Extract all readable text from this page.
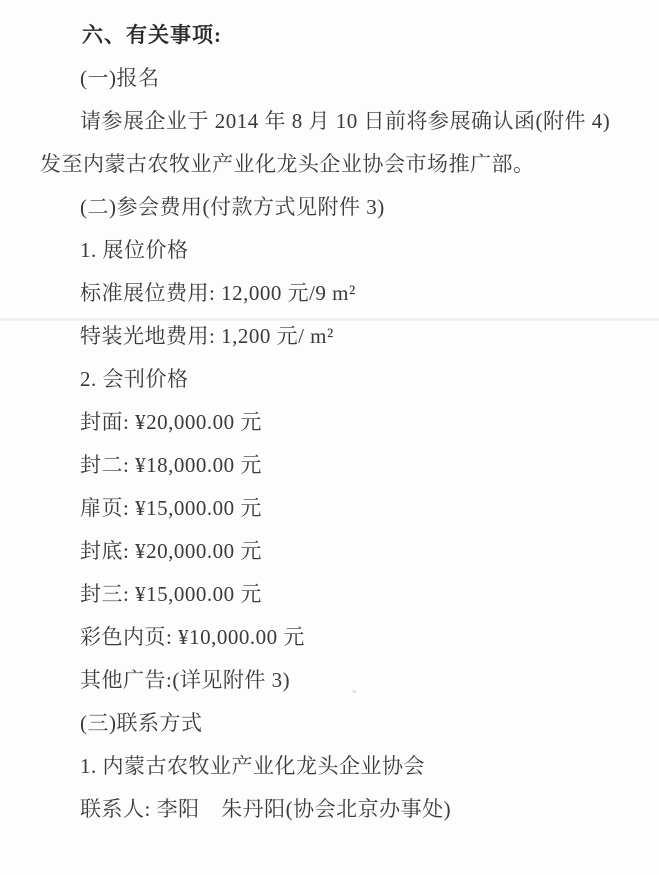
六、有关事项:
(一)报名
请参展企业于 2014 年 8 月 10 日前将参展确认函(附件 4)
发至内蒙古农牧业产业化龙头企业协会市场推广部。
(二)参会费用(付款方式见附件 3)
1. 展位价格
标准展位费用: 12,000 元/9 m²
特装光地费用: 1,200 元/ m²
2. 会刊价格
封面: ¥20,000.00 元
封二: ¥18,000.00 元
扉页: ¥15,000.00 元
封底: ¥20,000.00 元
封三: ¥15,000.00 元
彩色内页: ¥10,000.00 元
其他广告:(详见附件 3)
(三)联系方式
1. 内蒙古农牧业产业化龙头企业协会
联系人: 李阳　朱丹阳(协会北京办事处)
